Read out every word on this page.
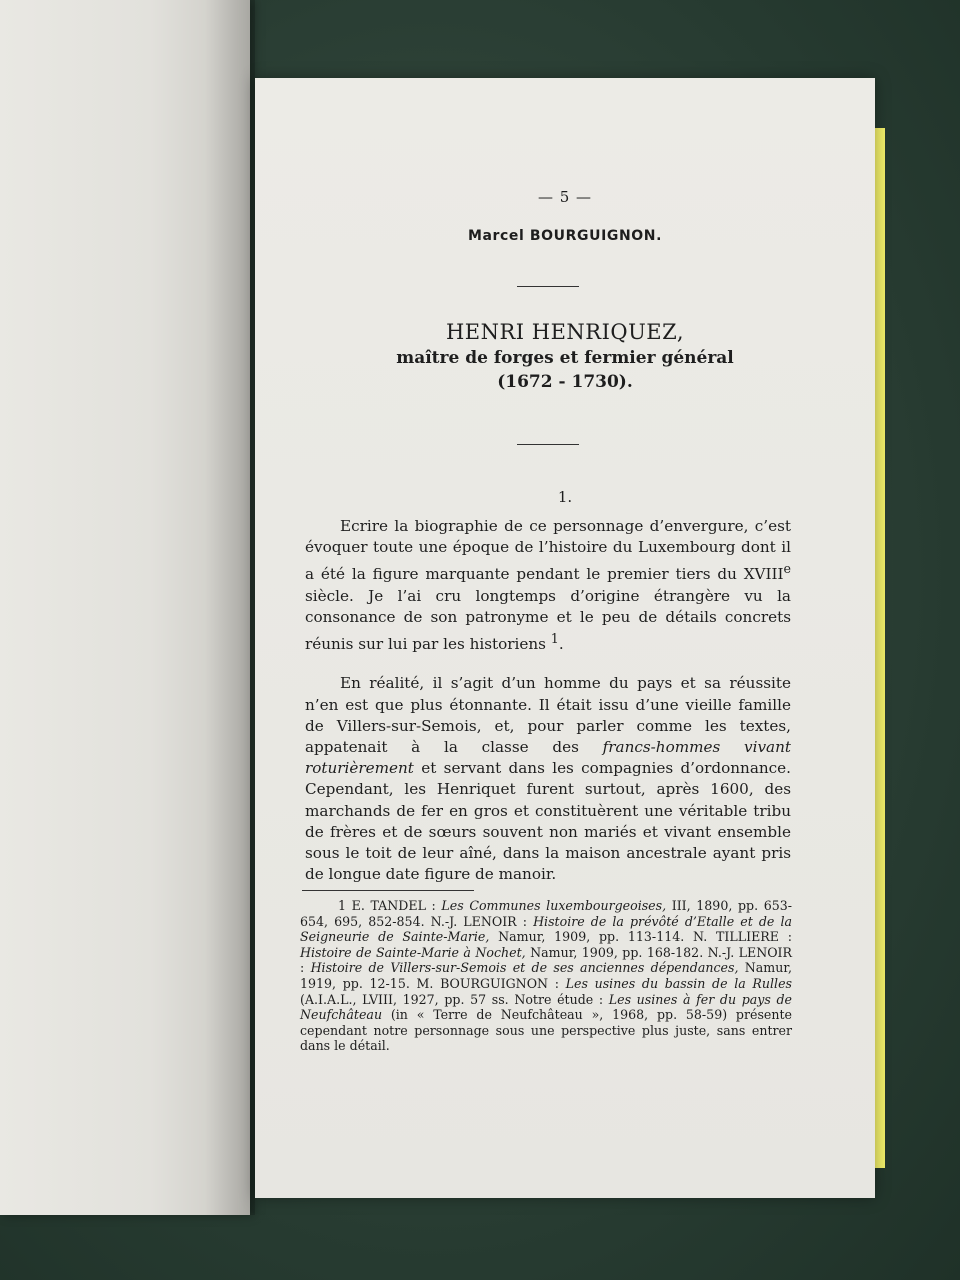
— 5 —
Marcel BOURGUIGNON.
HENRI HENRIQUEZ,
maître de forges et fermier général
(1672 - 1730).
1.

Ecrire la biographie de ce personnage d’envergure, c’est évoquer toute une époque de l’histoire du Luxembourg dont il a été la figure marquante pendant le premier tiers du XVIIIe siècle. Je l’ai cru longtemps d’origine étrangère vu la consonance de son patronyme et le peu de détails concrets réunis sur lui par les historiens $^1$.

En réalité, il s’agit d’un homme du pays et sa réussite n’en est que plus étonnante. Il était issu d’une vieille famille de Villers-sur-Semois, et, pour parler comme les textes, appatenait à la classe des francs-hommes vivant roturièrement et servant dans les compagnies d’ordonnance. Cependant, les Henriquet furent surtout, après 1600, des marchands de fer en gros et constituèrent une véritable tribu de frères et de sœurs souvent non mariés et vivant ensemble sous le toit de leur aîné, dans la maison ancestrale ayant pris de longue date figure de manoir.

1 E. TANDEL : Les Communes luxembourgeoises, III, 1890, pp. 653-654, 695, 852-854. N.-J. LENOIR : Histoire de la prévôté d’Etalle et de la Seigneurie de Sainte-Marie, Namur, 1909, pp. 113-114. N. TILLIERE : Histoire de Sainte-Marie à Nochet, Namur, 1909, pp. 168-182. N.-J. LENOIR : Histoire de Villers-sur-Semois et de ses anciennes dépendances, Namur, 1919, pp. 12-15. M. BOURGUIGNON : Les usines du bassin de la Rulles (A.I.A.L., LVIII, 1927, pp. 57 ss. Notre étude : Les usines à fer du pays de Neufchâteau (in « Terre de Neufchâteau », 1968, pp. 58-59) présente cependant notre personnage sous une perspective plus juste, sans entrer dans le détail.
